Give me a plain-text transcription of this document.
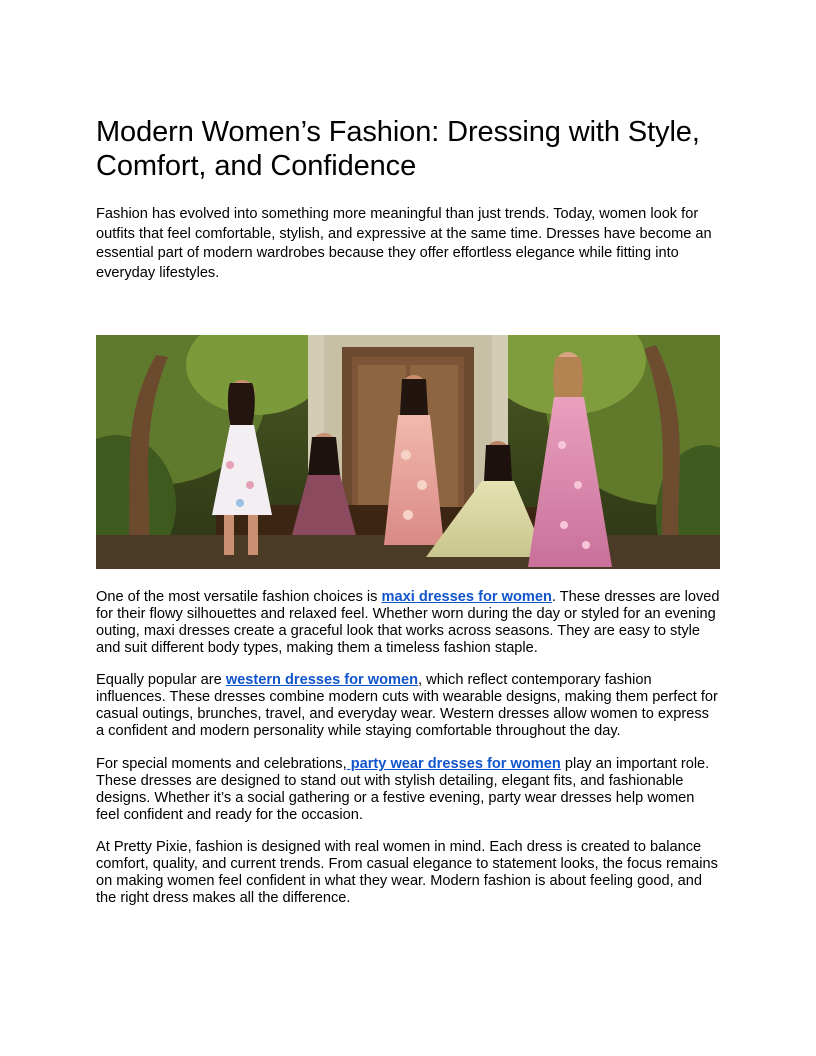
Modern Women’s Fashion: Dressing with Style, Comfort, and Confidence

Fashion has evolved into something more meaningful than just trends. Today, women look for outfits that feel comfortable, stylish, and expressive at the same time. Dresses have become an essential part of modern wardrobes because they offer effortless elegance while fitting into everyday lifestyles.

One of the most versatile fashion choices is maxi dresses for women. These dresses are loved for their flowy silhouettes and relaxed feel. Whether worn during the day or styled for an evening outing, maxi dresses create a graceful look that works across seasons. They are easy to style and suit different body types, making them a timeless fashion staple.

Equally popular are western dresses for women, which reflect contemporary fashion influences. These dresses combine modern cuts with wearable designs, making them perfect for casual outings, brunches, travel, and everyday wear. Western dresses allow women to express a confident and modern personality while staying comfortable throughout the day.

For special moments and celebrations, party wear dresses for women play an important role. These dresses are designed to stand out with stylish detailing, elegant fits, and fashionable designs. Whether it’s a social gathering or a festive evening, party wear dresses help women feel confident and ready for the occasion.

At Pretty Pixie, fashion is designed with real women in mind. Each dress is created to balance comfort, quality, and current trends. From casual elegance to statement looks, the focus remains on making women feel confident in what they wear. Modern fashion is about feeling good, and the right dress makes all the difference.
